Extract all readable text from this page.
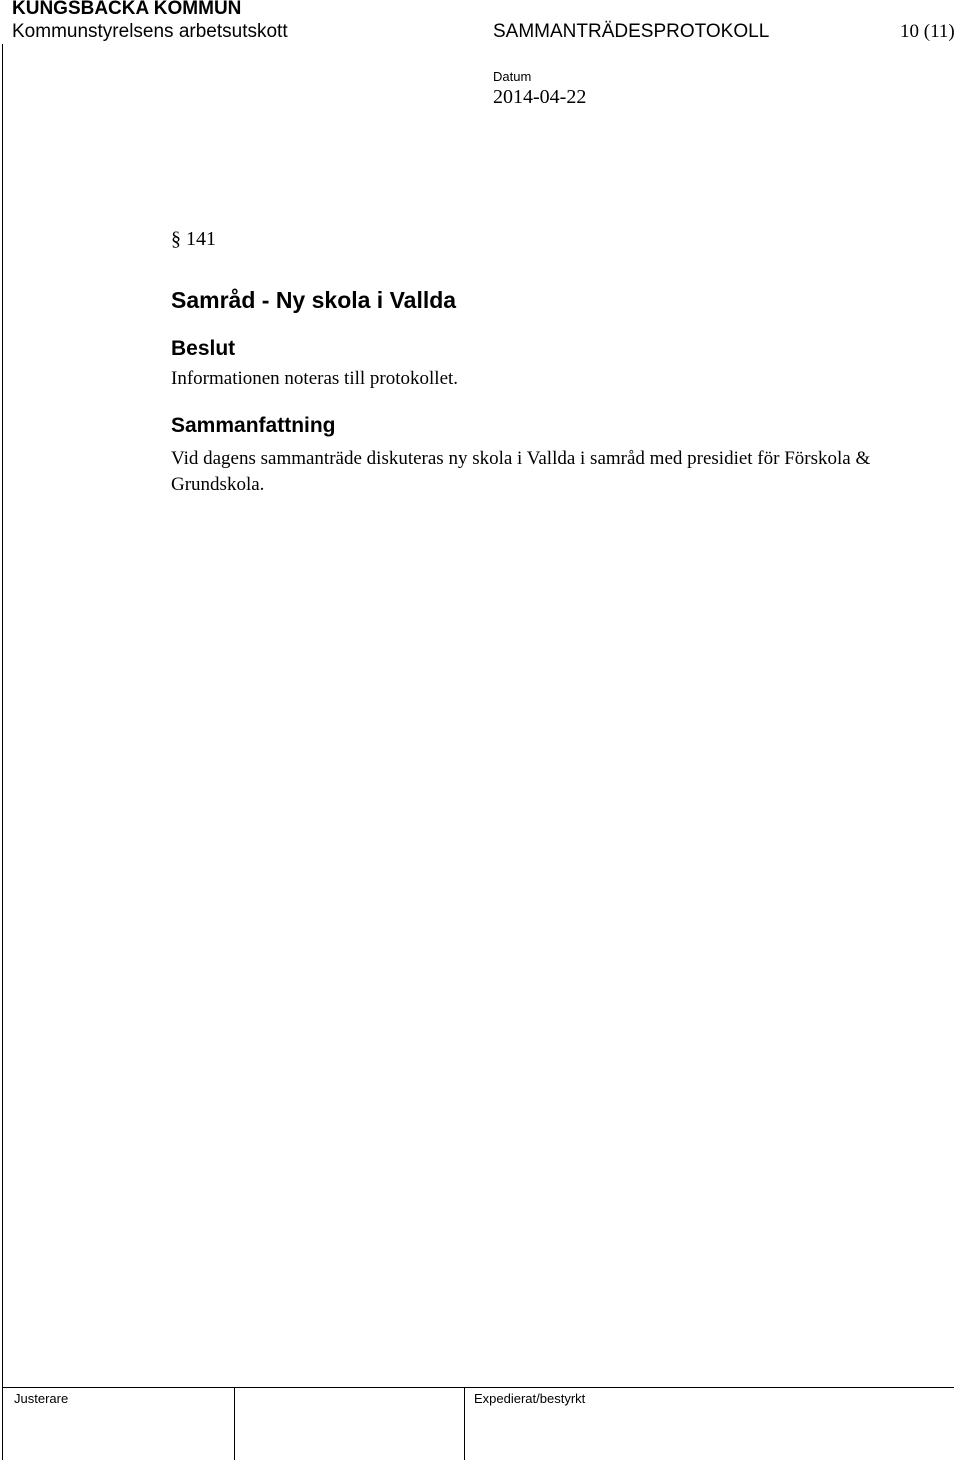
KUNGSBACKA KOMMUN
Kommunstyrelsens arbetsutskott	SAMMANTRÄDESPROTOKOLL	10 (11)
Datum
2014-04-22
§ 141
Samråd - Ny skola i Vallda
Beslut
Informationen noteras till protokollet.
Sammanfattning
Vid dagens sammanträde diskuteras ny skola i Vallda i samråd med presidiet för Förskola & Grundskola.
Justerare	Expedierat/bestyrkt
